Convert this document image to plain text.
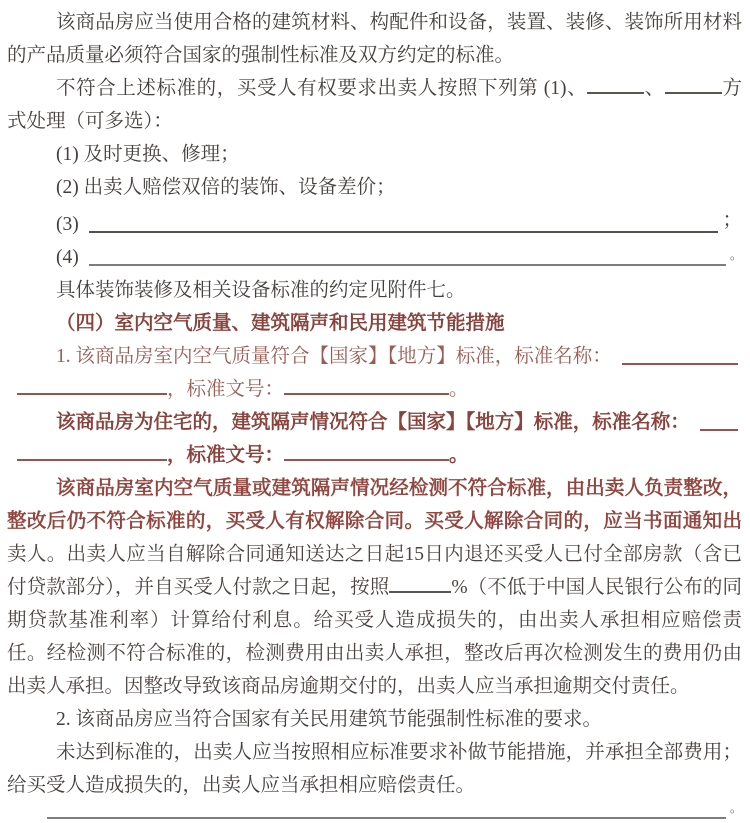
该商品房应当使用合格的建筑材料、构配件和设备，装置、装修、装饰所用材料的产品质量必须符合国家的强制性标准及双方约定的标准。

不符合上述标准的，买受人有权要求出卖人按照下列第 (1)、	、	方式处理（可多选）：

(1) 及时更换、修理；

(2) 出卖人赔偿双倍的装饰、设备差价；

(3)	；
(4)	。

具体装饰装修及相关设备标准的约定见附件七。

（四）室内空气质量、建筑隔声和民用建筑节能措施

1. 该商品房室内空气质量符合【国家】【地方】标准，标准名称：
，标准文号：	。
该商品房为住宅的，建筑隔声情况符合【国家】【地方】标准，标准名称：
，标准文号：	。

该商品房室内空气质量或建筑隔声情况经检测不符合标准，由出卖人负责整改，整改后仍不符合标准的，买受人有权解除合同。买受人解除合同的，应当书面通知出卖人。出卖人应当自解除合同通知送达之日起15日内退还买受人已付全部房款（含已付贷款部分），并自买受人付款之日起，按照	%（不低于中国人民银行公布的同期贷款基准利率）计算给付利息。给买受人造成损失的，由出卖人承担相应赔偿责任。经检测不符合标准的，检测费用由出卖人承担，整改后再次检测发生的费用仍由出卖人承担。因整改导致该商品房逾期交付的，出卖人应当承担逾期交付责任。

2. 该商品房应当符合国家有关民用建筑节能强制性标准的要求。

未达到标准的，出卖人应当按照相应标准要求补做节能措施，并承担全部费用；给买受人造成损失的，出卖人应当承担相应赔偿责任。

。
